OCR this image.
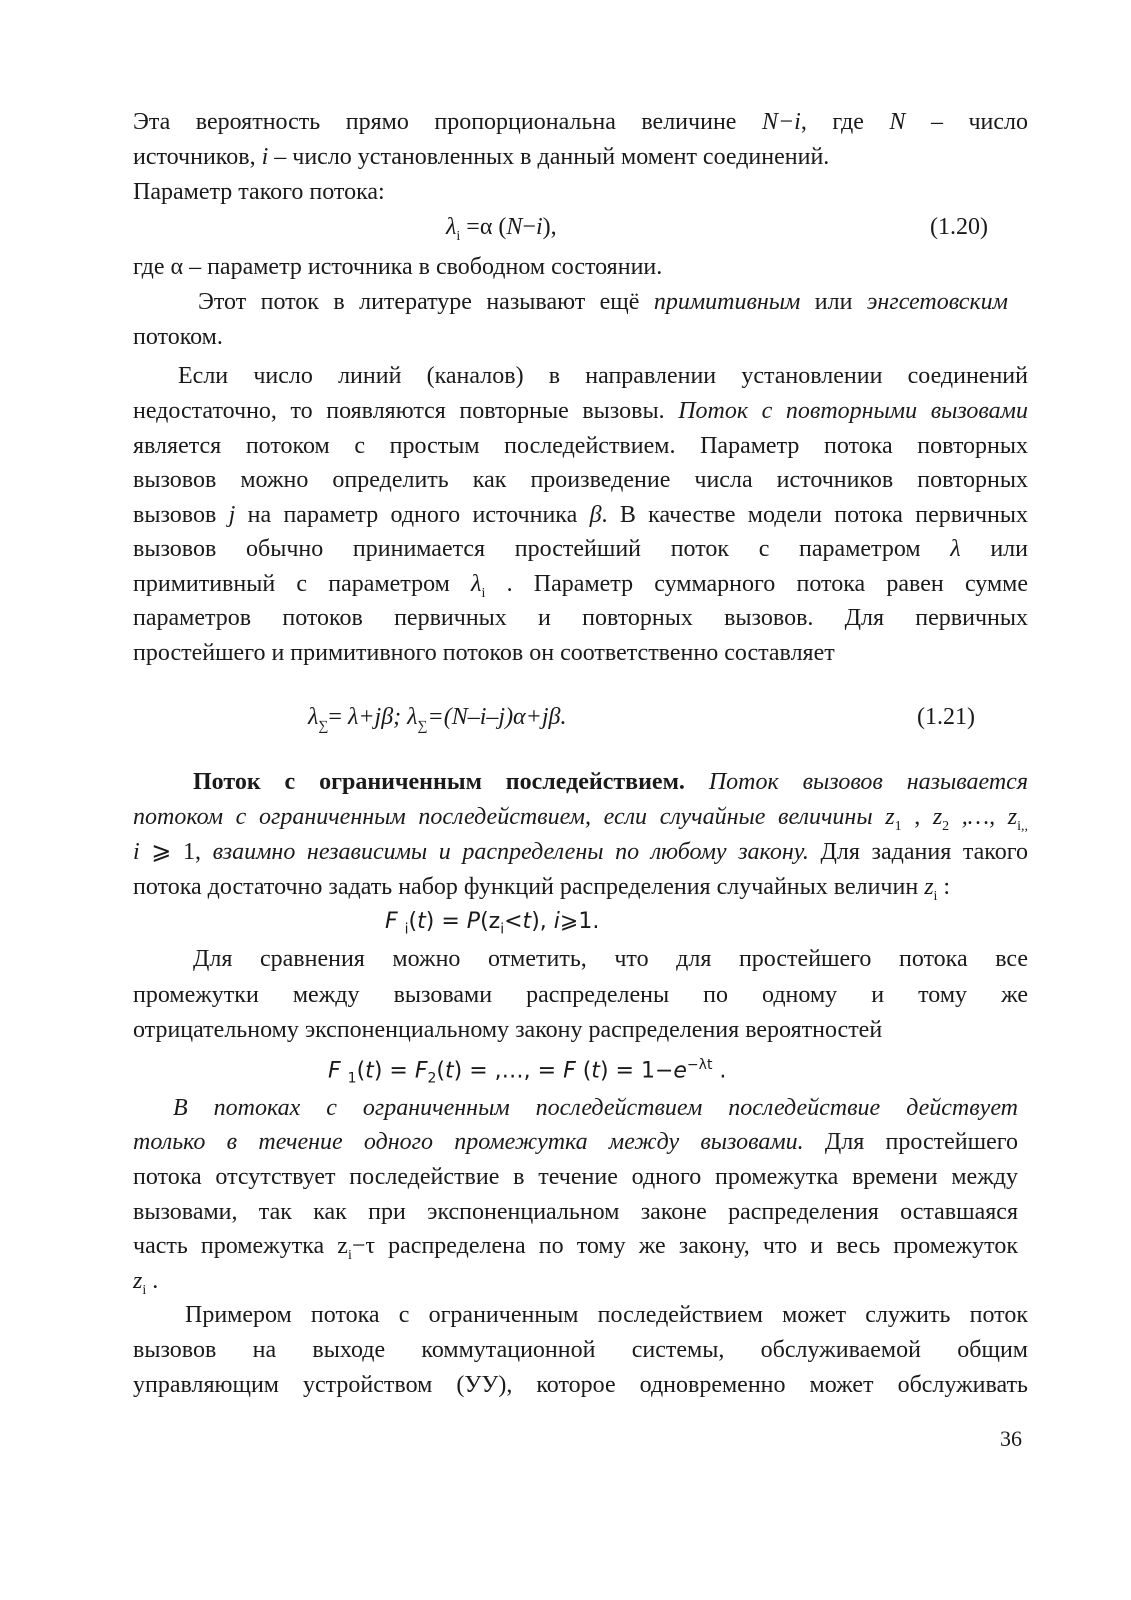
Эта вероятность прямо пропорциональна величине N−i, где N – число

источников, i – число установленных в данный момент соединений.

Параметр такого потока:

$\lambda_i =\alpha$ (N−i),	(1.20)

где α – параметр источника в свободном состоянии.

Этот поток в литературе называют ещё примитивным или энгсетовским

потоком.

Если число линий (каналов) в направлении установлении соединений

недостаточно, то появляются повторные вызовы. Поток с повторными вызовами

является потоком с простым последействием. Параметр потока повторных

вызовов можно определить как произведение числа источников повторных

вызовов j на параметр одного источника β. В качестве модели потока первичных

вызовов обычно принимается простейший поток с параметром λ или

примитивный с параметром $\lambda_i$ . Параметр суммарного потока равен сумме

параметров потоков первичных и повторных вызовов. Для первичных

простейшего и примитивного потоков он соответственно составляет

$\lambda_\sum= \lambda+j\beta$; $\lambda_\sum=(N-i-j)\alpha+j\beta$.	(1.21)

Поток с ограниченным последействием. Поток вызовов называется

потоком с ограниченным последействием, если случайные величины $z_1$ , $z_2$ ,…, $z_{i,,}$

i ⩾ 1, взаимно независимы и распределены по любому закону. Для задания такого

потока достаточно задать набор функций распределения случайных величин $z_i$ :

F $_i(t) = P(z_i<t)$, i⩾1.

Для сравнения можно отметить, что для простейшего потока все

промежутки между вызовами распределены по одному и тому же

отрицательному экспоненциальному закону распределения вероятностей

F $_1(t) = F_2(t)$ = ,…, = F $(t) = 1-e^{-\lambda t}$ .

В потоках с ограниченным последействием последействие действует

только в течение одного промежутка между вызовами. Для простейшего

потока отсутствует последействие в течение одного промежутка времени между

вызовами, так как при экспоненциальном законе распределения оставшаяся

часть промежутка $z_i-\tau$ распределена по тому же закону, что и весь промежуток

$z_i$ .

Примером потока с ограниченным последействием может служить поток

вызовов на выходе коммутационной системы, обслуживаемой общим

управляющим устройством (УУ), которое одновременно может обслуживать

36
